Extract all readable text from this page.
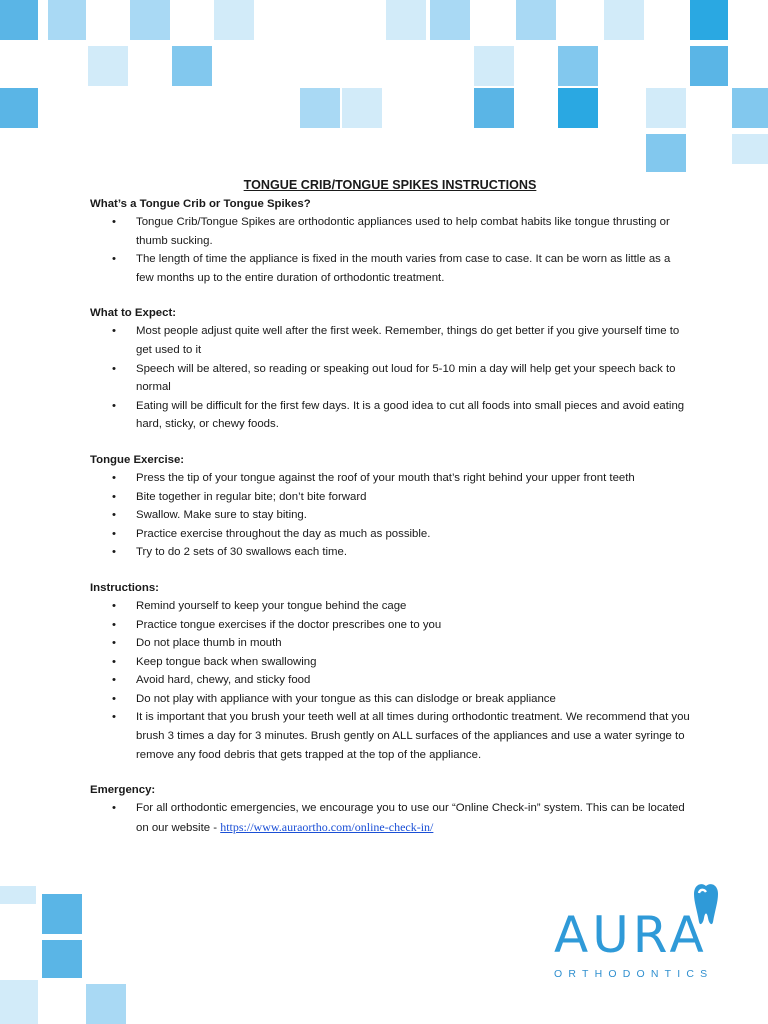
TONGUE CRIB/TONGUE SPIKES INSTRUCTIONS
What’s a Tongue Crib or Tongue Spikes?
• Tongue Crib/Tongue Spikes are orthodontic appliances used to help combat habits like tongue thrusting or thumb sucking.
• The length of time the appliance is fixed in the mouth varies from case to case. It can be worn as little as a few months up to the entire duration of orthodontic treatment.
What to Expect:
• Most people adjust quite well after the first week. Remember, things do get better if you give yourself time to get used to it
• Speech will be altered, so reading or speaking out loud for 5-10 min a day will help get your speech back to normal
• Eating will be difficult for the first few days. It is a good idea to cut all foods into small pieces and avoid eating hard, sticky, or chewy foods.
Tongue Exercise:
• Press the tip of your tongue against the roof of your mouth that’s right behind your upper front teeth
• Bite together in regular bite; don’t bite forward
• Swallow. Make sure to stay biting.
• Practice exercise throughout the day as much as possible.
• Try to do 2 sets of 30 swallows each time.
Instructions:
• Remind yourself to keep your tongue behind the cage
• Practice tongue exercises if the doctor prescribes one to you
• Do not place thumb in mouth
• Keep tongue back when swallowing
• Avoid hard, chewy, and sticky food
• Do not play with appliance with your tongue as this can dislodge or break appliance
• It is important that you brush your teeth well at all times during orthodontic treatment. We recommend that you brush 3 times a day for 3 minutes. Brush gently on ALL surfaces of the appliances and use a water syringe to remove any food debris that gets trapped at the top of the appliance.
Emergency:
• For all orthodontic emergencies, we encourage you to use our “Online Check-in” system. This can be located on our website - https://www.auraortho.com/online-check-in/
AURA
ORTHODONTICS
